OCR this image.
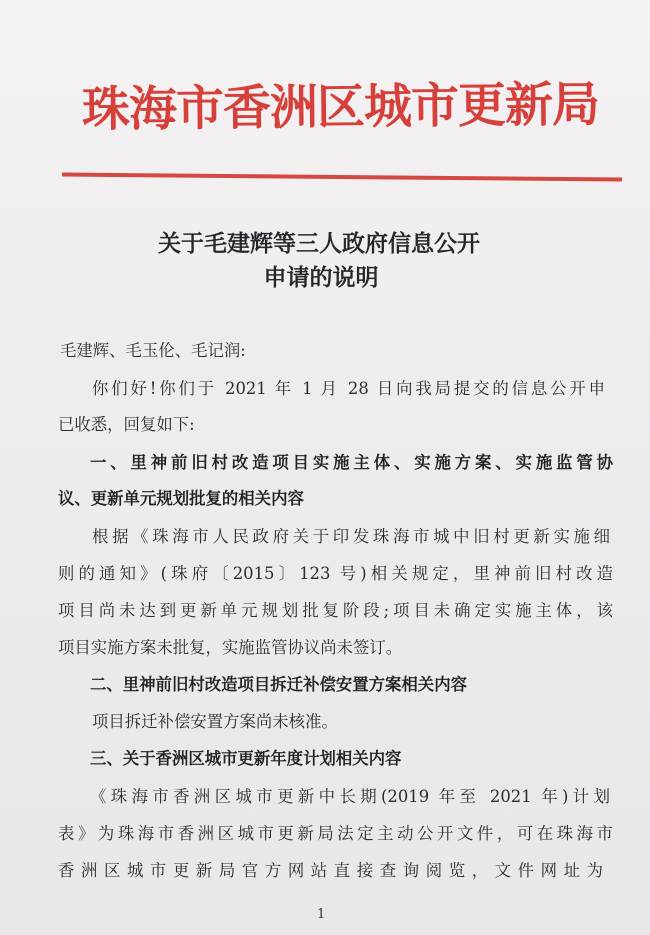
珠海市香洲区城市更新局
关于毛建辉等三人政府信息公开
申请的说明
毛建辉、毛玉伦、毛记润:
你们好!你们于 2021 年 1 月 28 日向我局提交的信息公开申
已收悉，回复如下:
一、里神前旧村改造项目实施主体、实施方案、实施监管协
议、更新单元规划批复的相关内容
根据《珠海市人民政府关于印发珠海市城中旧村更新实施细
则的通知》(珠府〔2015〕123 号)相关规定，里神前旧村改造
项目尚未达到更新单元规划批复阶段;项目未确定实施主体，该
项目实施方案未批复，实施监管协议尚未签订。
二、里神前旧村改造项目拆迁补偿安置方案相关内容
项目拆迁补偿安置方案尚未核准。
三、关于香洲区城市更新年度计划相关内容
《珠海市香洲区城市更新中长期(2019 年至 2021 年)计划
表》为珠海市香洲区城市更新局法定主动公开文件，可在珠海市
香洲区城市更新局官方网站直接查询阅览，文件网址为
1
